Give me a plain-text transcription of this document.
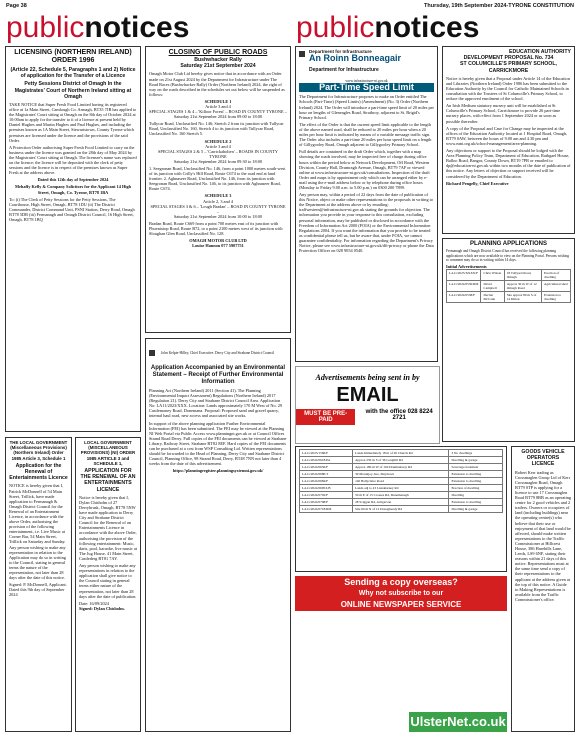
Page 38	Thursday, 19th September 2024-TYRONE CONSTITUTION
publicnotices	publicnotices
LICENSING (NORTHERN IRELAND) ORDER 1996
(Article 22, Schedule 5, Paragraphs 1 and 2) Notice of application for the Transfer of a Licence
Petty Sessions District of Omagh In the Magistrates' Court of Northern Ireland sitting at Omagh

TAKE NOTICE that Super Fresh Food Limited having its registered office at 1a Main Street, Camlough Co. Armagh, BT35 7JB has applied to the Magistrates' Court sitting at Omagh on the 8th day of October 2024 at 10:00am to apply for the transfer to it of a licence at present held by Daniel Hughes and Martin Hughes and Paul Hughes, and including the premises known as 1A Main Street, Stewartstown, County Tyrone which premises are licensed under the licence and the provisions of the said Order.

A Protection Order authorising Super Fresh Food Limited to carry on the business under the licence was granted on the 28th day of May 2024 by the Magistrates' Court sitting at Omagh. The licensee's name was replaced on the licence; the licence will be deposited with the clerk of petty sessions and the licence is in respect of the premises known as Super Fresh at the address above.

Dated this 12th day of September 2024
Mehaffy Kelly & Company Solicitors for the Applicant 14 High Street, Omagh, Co. Tyrone, BT78 1BA

To: (i) The Clerk of Petty Sessions for the Petty Sessions, The Courthouse, High Street, Omagh, BT78 1DU (ii) The District Commander, District Command Unit, PSNI Station, Derry Road, Omagh BT78 5DR (iii) Fermanagh and Omagh District Council, 16 High Street, Omagh, BT78 1BQ

THE LOCAL GOVERNMENT (Miscellaneous Provisions) (Northern Ireland) Order 1985 Article 3, Schedule 1
Application for the Renewal of Entertainments Licence

NOTICE is hereby given that I, Patrick McDonnell of 54 Main Street, Trillick, have made application to Fermanagh & Omagh District Council for the Renewal of an Entertainment Licence, in accordance with the above Order, authorising the provision of the following entertainment, i.e. Live Music at Corner Bar, 54 Main Street, Trillick on Saturday and Sunday. Any person wishing to make any representation in relation to the Application may do so in writing to the Council, stating in general terms the nature of the representation, not later than 28 days after the date of this notice.

Signed: P. McDonnell, Applicant. Dated this 9th day of September 2024

LOCAL GOVERNMENT (MISCELLANEOUS PROVISIONS) (NI) ORDER 1985 ARTICLE 3 and SCHEDULE 1,
APPLICATION FOR THE RENEWAL OF AN ENTERTAINMENTS LICENCE

Notice is hereby given that I, Dylan Chisholm of 27 Derrybrusk, Omagh, BT78 5NW have made application to Derry City and Strabane District Council for the Renewal of an Entertainments Licence in accordance with the above Order, authorising the provision of the following entertainment: Music, darts, pool, karaoke, live music at The Jug House, 41 Main Street, Castlederg BT81 7AY.

Any person wishing to make any representations in relation to the application shall give notice to the Council stating in general terms either nature of the representation, not later than 28 days after the date of publication.

Date: 16/09/2024
Signed: Dylan Chisholm.
CLOSING OF PUBLIC ROADS
Bushwhacker Rally
Saturday 21st September 2024

Omagh Motor Club Ltd hereby gives notice that in accordance with an Order made on 21st August 2024 by the Department for Infrastructure under The Road Races (Bushwhacker Rally) Order (Northern Ireland) 2024, the right of way on the roads described in the schedules set out below will be suspended as follows:

SCHEDULE 1
Article 3 and 4
SPECIAL STAGES 1 & 4 – 'Killoor Forest' – ROAD IN COUNTY TYRONE –
Saturday 21st September 2024 from 09:00 to 18:00

Tullycar Road, Unclassified No. 146; Stretch 2 from its junction with Tullycar Road, Unclassified No. 160, Stretch 4 to its junction with Tullycar Road, Unclassified No. 160 Stretch 5.

SCHEDULE 2
Article 3 and 4
SPECIAL STAGES 2 & 5 – 'Carrickaholten' – ROADS IN COUNTY TYRONE
Saturday 21st September 2024 from 09:30 to 18:00

1. Seegronan Road, Unclassified No. 146, from a point 1000 metres south-west of its junction with Crilly's Hill Road, Route C674 to the road end at land frontier. 2. Aghnaseer Road, Unclassified No. 146, from its junction with Seegronan Road, Unclassified No. 146, to its junction with Aghnaseer Road, Route C674.

SCHEDULE 3
Article 2, 3 and 4
SPECIAL STAGES 3 & 6 – 'Lough Bradan' – ROAD IN COUNTY TYRONE –
Saturday 21st September 2024 from 10:00 to 18:00

Bradan Road, Route C669 from a point 700 metres east of its junction with Phoenixtop Road, Route B72, to a point 2100 metres west of its junction with Sloughan Glen Road, Unclassified No. 128.

OMAGH MOTOR CLUB LTD
Louise Hannon 077 5907751
John Kelpie-Hilley, Chief Executive. Derry City and Strabane District Council
Application Accompanied by an Environmental Statement – Receipt of Further Environmental Information

Planning Act (Northern Ireland) 2011 (Section 41). The Planning (Environmental Impact Assessment) Regulations (Northern Ireland) 2017 (Regulation 21). Derry City and Strabane District Council Area. Application No: LA11/2023/XXX. Location: Lands approximately 170 M West of No. 29 Castlemoney Road, Donemana. Proposal: Proposed sand and gravel quarry, internal haul road, new access and associated site works.

In support of the above planning application Further Environmental Information (FEI) has been submitted. The FEI may be viewed at the Planning NI Web Portal via Public Access www.planningni.gov.uk or at Council Offices Strand Road Derry. Full copies of the FEI documents can be viewed at Strabane Library, Railway Street, Strabane BT82 8EF. Hard copies of the FEI documents can be purchased at a cost from WSP Consulting Ltd. Written representations should be forwarded to the Head of Planning, Derry City and Strabane District Council, Planning Office, 98 Strand Road, Derry, BT48 7NN not later than 4 weeks from the date of this advertisement.

https://planningregister.planningsystemni.gov.uk/
Department for Infrastructure
An Roinn Bonneagair
Department for Infrastructure
www.infrastructure-ni.gov.uk
Part-Time Speed Limit

The Department for Infrastructure proposes to make an Order entitled The Schools (Part-Time) (Speed Limits) (Amendment) (No. 3) Order (Northern Ireland) 2024. The Order will introduce a part-time speed limit of 20 miles per hour on lengths of Gleneagles Road, Strathroy, adjacent to St. Brigid's Primary School.

The effect of the Order is that the current speed limit applicable to the length of the above named road, shall be reduced to 20 miles per hour when a 20 miles per hour limit is indicated by means of a variable message traffic sign. The Order also includes a part-time 20 miles per hour speed limit on a length of Gillygooley Road, Omagh adjacent to Gillygooley Primary School.

Full details are contained in the draft Order which, together with a map showing the roads involved, may be inspected free of charge during office hours within the period below at Network Development, Off Road, Western Division, County Hall, Drumragh Avenue, Omagh, BT79 7AF or viewed online at www.infrastructure-ni.gov.uk/consultations. Inspection of the draft Order and maps is by appointment only which can be arranged either by e-mail using the e-mail address below or by telephone during office hours (Monday to Friday 9.00 a.m. to 5.00 p.m.) on 0300 200 7899.

Any person may, within a period of 22 days from the date of publication of this Notice, object or make other representations to the proposals in writing to the Department at the address above or by emailing: traffwestern@infrastructure-ni.gov.uk stating the grounds for objection. The information you provide in your response to this consultation, excluding personal information, may be published or disclosed in accordance with the Freedom of Information Act 2000 (FOIA) or the Environmental Information Regulations 2004. If you want the information that you provide to be treated as confidential please tell us, but be aware that, under FOIA, we cannot guarantee confidentiality. For information regarding the Department's Privacy Notice, please see www.infrastructure-ni.gov.uk/dfi-privacy or phone the Data Protection Officer on 028 9054 0540.

Advertisements being sent in by
EMAIL
MUST BE PRE-PAID
with the office 028 8224 2721
LA11/2023/1566/F	Lands Immediately 18 m of 26 Church Rd	3 No dwellings
LA11/2024/0618/PA	Approx 250 m S of 36 Longhill Rd	Dwelling & garage
LA11/2024/0656/F	Approx 180 m W of 104 Drumnabuoy Rd	Sewerage treatment
LA11/2024/0680/T	39 Mountjoy Ave, Maydown	Extension to dwelling
LA11/2024/0684/F	140 Ballyclaire Road	Extension to dwelling
LA11/2024/0695/LB	Lands adj to 43 Lisnaharney Rd	Erection of dwelling
LA11/2024/0702/F	50 m E of 15 Crosses Rd, Dunamanagh	Dwelling
LA11/2024/0708/F	28 Sciggan Rd, Artigarvan	Extension to dwelling
LA11/2024/0718/RM	Site 60 m N of 12 Donagheady Rd	Dwelling & garage
Sending a copy overseas?
Why not subscribe to our
ONLINE NEWSPAPER SERVICE
UlsterNet.co.uk
EDUCATION AUTHORITY
DEVELOPMENT PROPOSAL No. 734
ST COLUMCILLE'S PRIMARY SCHOOL, CARRICKMORE

Notice is hereby given that a Proposal under Article 14 of the Education and Libraries (Northern Ireland) Order 1986 has been submitted to the Education Authority by the Council for Catholic Maintained Schools in consultation with the Trustees of St Columcille's Primary School, to reduce the approved enrolment of the school.

An Irish Medium statutory nursery unit will be established at St Columcille's Primary School, Carrickmore to provide 26 part-time nursery places, with effect from 1 September 2024 or as soon as possible thereafter.

A copy of the Proposal and Case for Change may be inspected at the offices of the Education Authority located at 1 Hospital Road, Omagh, BT79 0AW, between the hours of 9.00 am and 4.30 pm and www.eani.org.uk/school-management/area-planning.

Any objections or support to the Proposal should be lodged with the Area Planning Policy Team, Department of Education, Rathgael House, Balloo Road, Bangor, County Down, BT19 7PR or emailed to dp@education-ni.gov.uk within two months of the date of publication of this notice. Any letters of objection or support received will be considered by the Department of Education.

Richard Pengelly, Chief Executive
PLANNING APPLICATIONS

Fermanagh and Omagh District Council has received the following planning applications which are now available to view on the Planning Portal. Persons wishing to comment may do so in writing within 14 days.

Initial Advertisements
LA11/2023/XXXX/F	Chris Wilson	18 Tullyard Road, Omagh	Erection of dwelling
LA11/2024/0550/RM	David Campbell	Approx 30 m W of 12 Omagh Road	Agricultural shed
LA11/2024/0558/F	Declan McCann	Site approx 80 m S of 14 Killen	Extension to dwelling
GOODS VEHICLE OPERATORS LICENCE

Robert Kerr trading as Crossmaglen Group Ltd of Kerr Crossmaglen Road, Omagh BT79 0TP is applying for a licence to use 17 Crossmaglen Road BT79 8RB as an operating centre for 2 good vehicles and 2 trailers. Owners or occupiers of land (including buildings) near the operating centre(s) who believe that their use or enjoyment of that land would be affected, should make written representations to the Traffic Commissioner at Hillcrest House, 386 Harehills Lane, Leeds, LS9 6NF, stating their reasons within 21 days of this notice. Representations must at the same time send a copy of their representations to the applicant at the address given at the top of this notice. A Guide to Making Representations is available from the Traffic Commissioner's office.
